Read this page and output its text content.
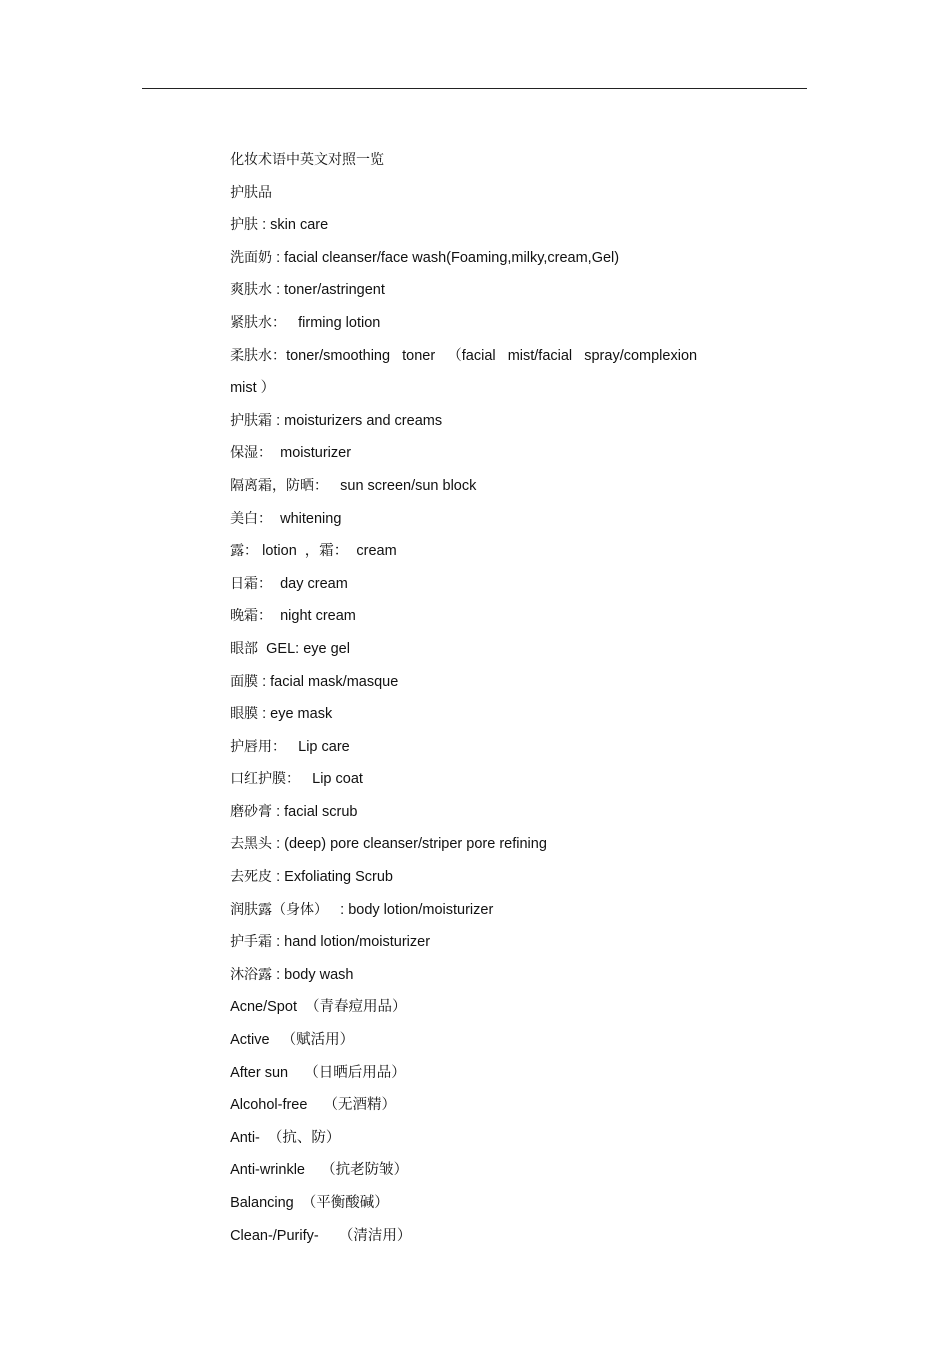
化妆术语中英文对照一览

护肤品

护肤 : skin care

洗面奶 : facial cleanser/face wash(Foaming,milky,cream,Gel)

爽肤水 : toner/astringent

紧肤水：   firming lotion

柔肤水：toner/smoothing   toner   （facial   mist/facial   spray/complexion

mist ）

护肤霜 : moisturizers and creams

保湿：  moisturizer

隔离霜，防晒：   sun screen/sun block

美白：  whitening

露： lotion  ，霜：  cream

日霜：  day cream

晚霜：  night cream

眼部  GEL: eye gel

面膜 : facial mask/masque

眼膜 : eye mask

护唇用：   Lip care

口红护膜：   Lip coat

磨砂膏 : facial scrub

去黑头 : (deep) pore cleanser/striper pore refining

去死皮 : Exfoliating Scrub

润肤露（身体）   : body lotion/moisturizer

护手霜 : hand lotion/moisturizer

沐浴露 : body wash

Acne/Spot  （青春痘用品）

Active   （赋活用）

After sun    （日晒后用品）

Alcohol-free    （无酒精）

Anti-  （抗、防）

Anti-wrinkle    （抗老防皱）

Balancing  （平衡酸碱）

Clean-/Purify-     （清洁用）
